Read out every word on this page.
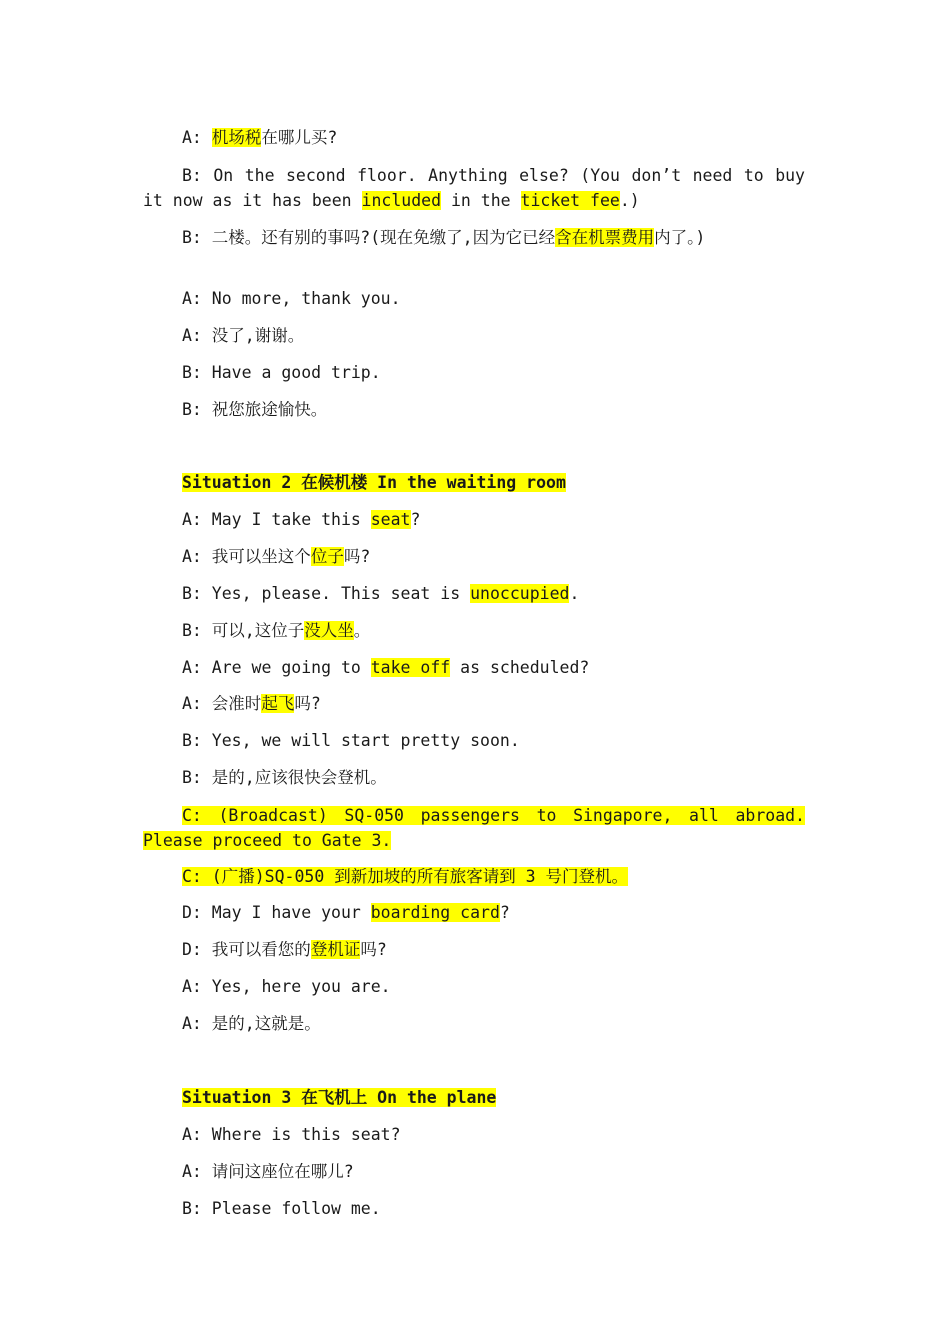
A: 机场税在哪儿买?
B: On the second floor. Anything else? (You don’t need to buy it now as it has been included in the ticket fee.)
B: 二楼。还有别的事吗?(现在免缴了,因为它已经含在机票费用内了。)
A: No more, thank you.
A: 没了,谢谢。
B: Have a good trip.
B: 祝您旅途愉快。
Situation 2 在候机楼 In the waiting room
A: May I take this seat?
A: 我可以坐这个位子吗?
B: Yes, please. This seat is unoccupied.
B: 可以,这位子没人坐。
A: Are we going to take off as scheduled?
A: 会准时起飞吗?
B: Yes, we will start pretty soon.
B: 是的,应该很快会登机。
C: (Broadcast) SQ-050 passengers to Singapore, all abroad. Please proceed to Gate 3.
C: (广播)SQ-050 到新加坡的所有旅客请到 3 号门登机。
D: May I have your boarding card?
D: 我可以看您的登机证吗?
A: Yes, here you are.
A: 是的,这就是。
Situation 3 在飞机上 On the plane
A: Where is this seat?
A: 请问这座位在哪儿?
B: Please follow me.
